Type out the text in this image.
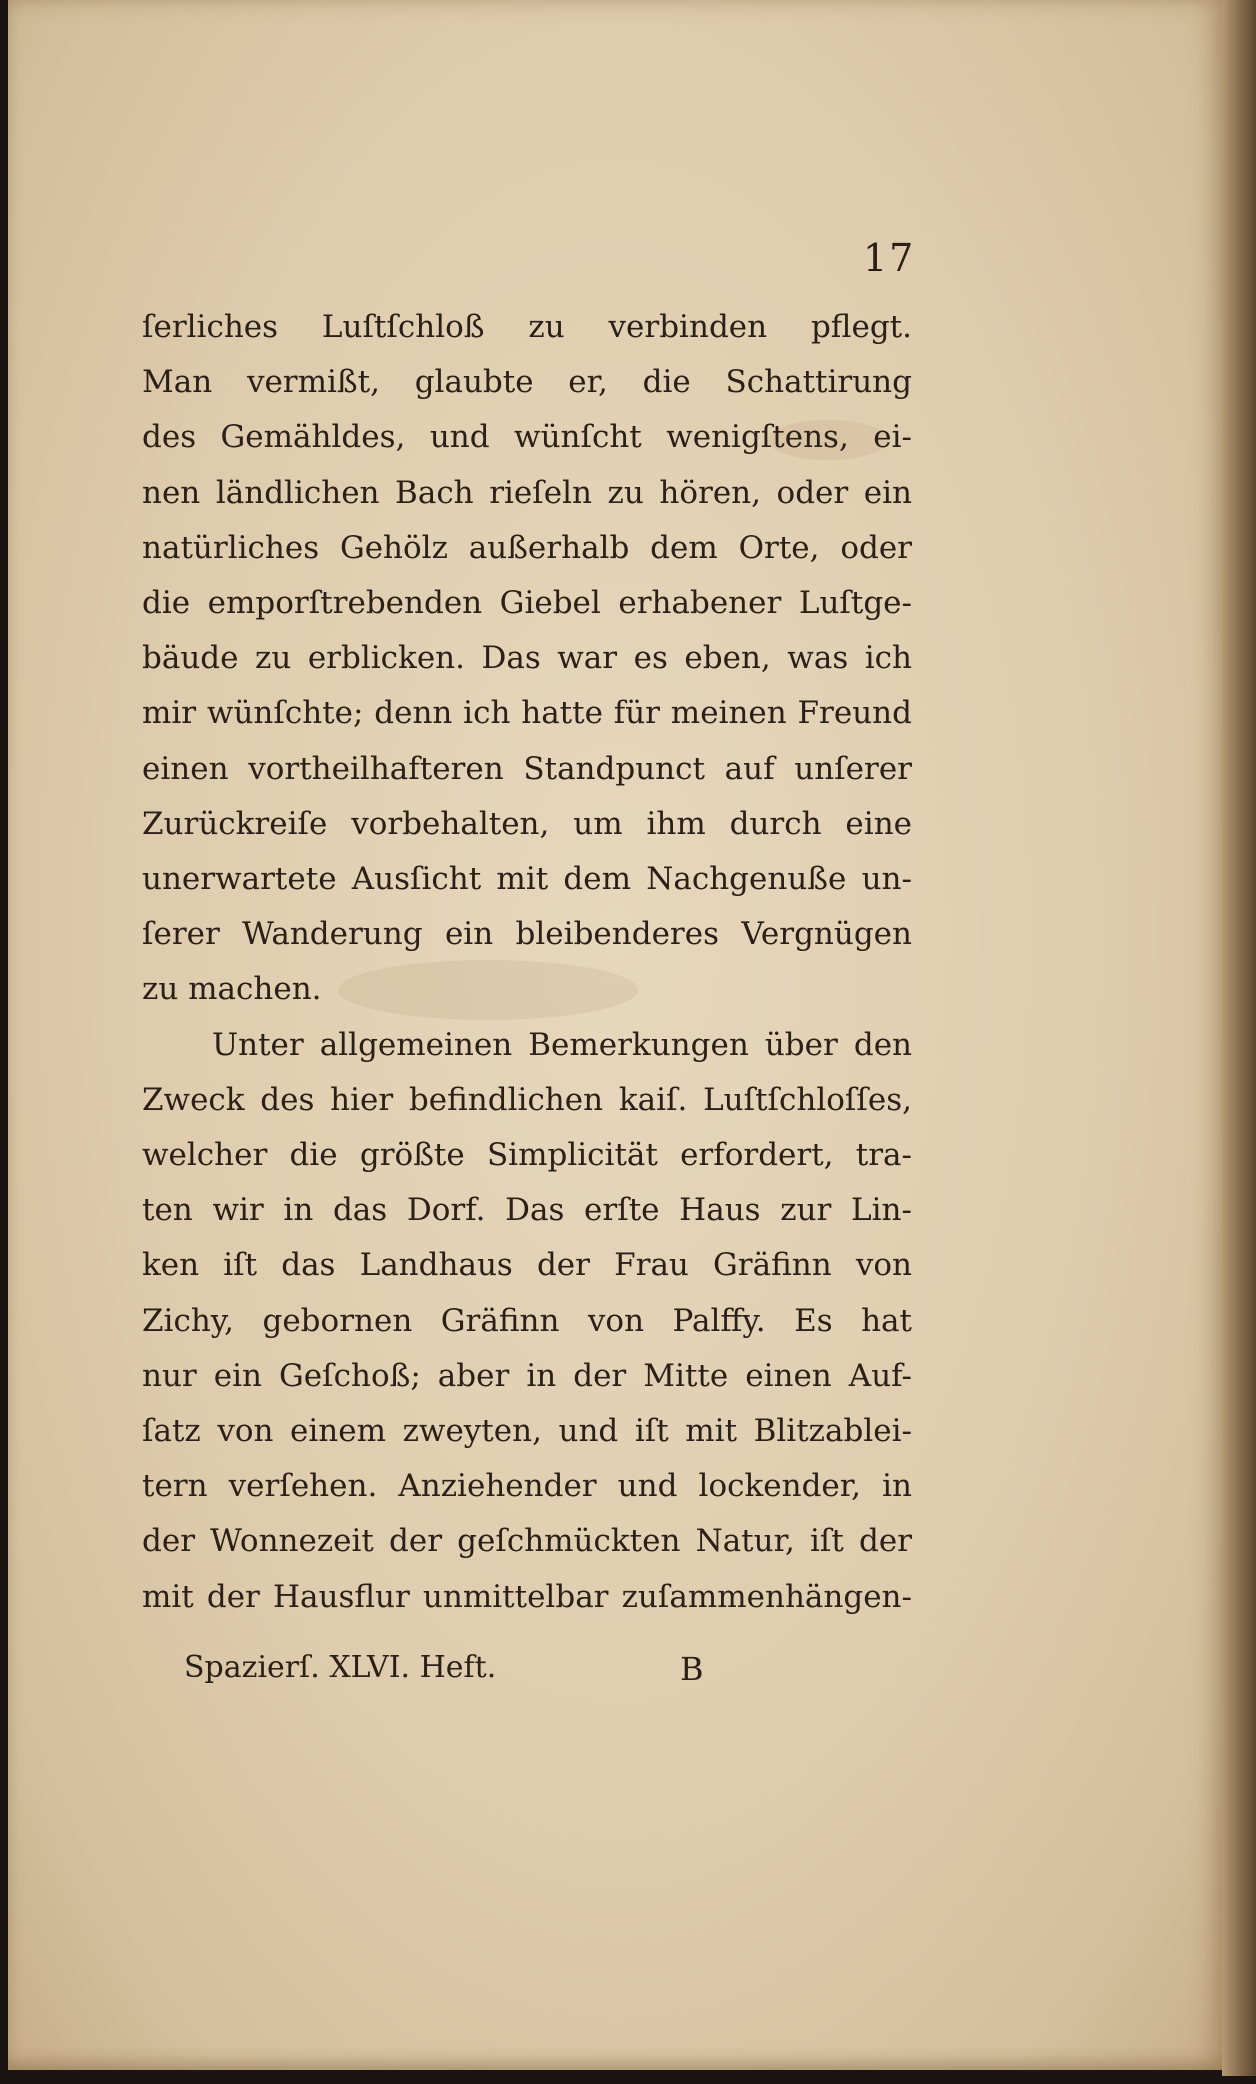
17
ſerliches Luſtſchloß zu verbinden pflegt.
Man vermißt, glaubte er, die Schattirung
des Gemähldes, und wünſcht wenigſtens, ei-
nen ländlichen Bach rieſeln zu hören, oder ein
natürliches Gehölz außerhalb dem Orte, oder
die emporſtrebenden Giebel erhabener Luſtge-
bäude zu erblicken. Das war es eben, was ich
mir wünſchte; denn ich hatte für meinen Freund
einen vortheilhafteren Standpunct auf unſerer
Zurückreiſe vorbehalten, um ihm durch eine
unerwartete Ausſicht mit dem Nachgenuße un-
ſerer Wanderung ein bleibenderes Vergnügen
zu machen.
Unter allgemeinen Bemerkungen über den
Zweck des hier befindlichen kaiſ. Luſtſchloſſes,
welcher die größte Simplicität erfordert, tra-
ten wir in das Dorf. Das erſte Haus zur Lin-
ken iſt das Landhaus der Frau Gräfinn von
Zichy, gebornen Gräfinn von Palffy. Es hat
nur ein Geſchoß; aber in der Mitte einen Auf-
ſatz von einem zweyten, und iſt mit Blitzablei-
tern verſehen. Anziehender und lockender, in
der Wonnezeit der geſchmückten Natur, iſt der
mit der Hausflur unmittelbar zuſammenhängen-
Spazierſ. XLVI. Heft.	B
